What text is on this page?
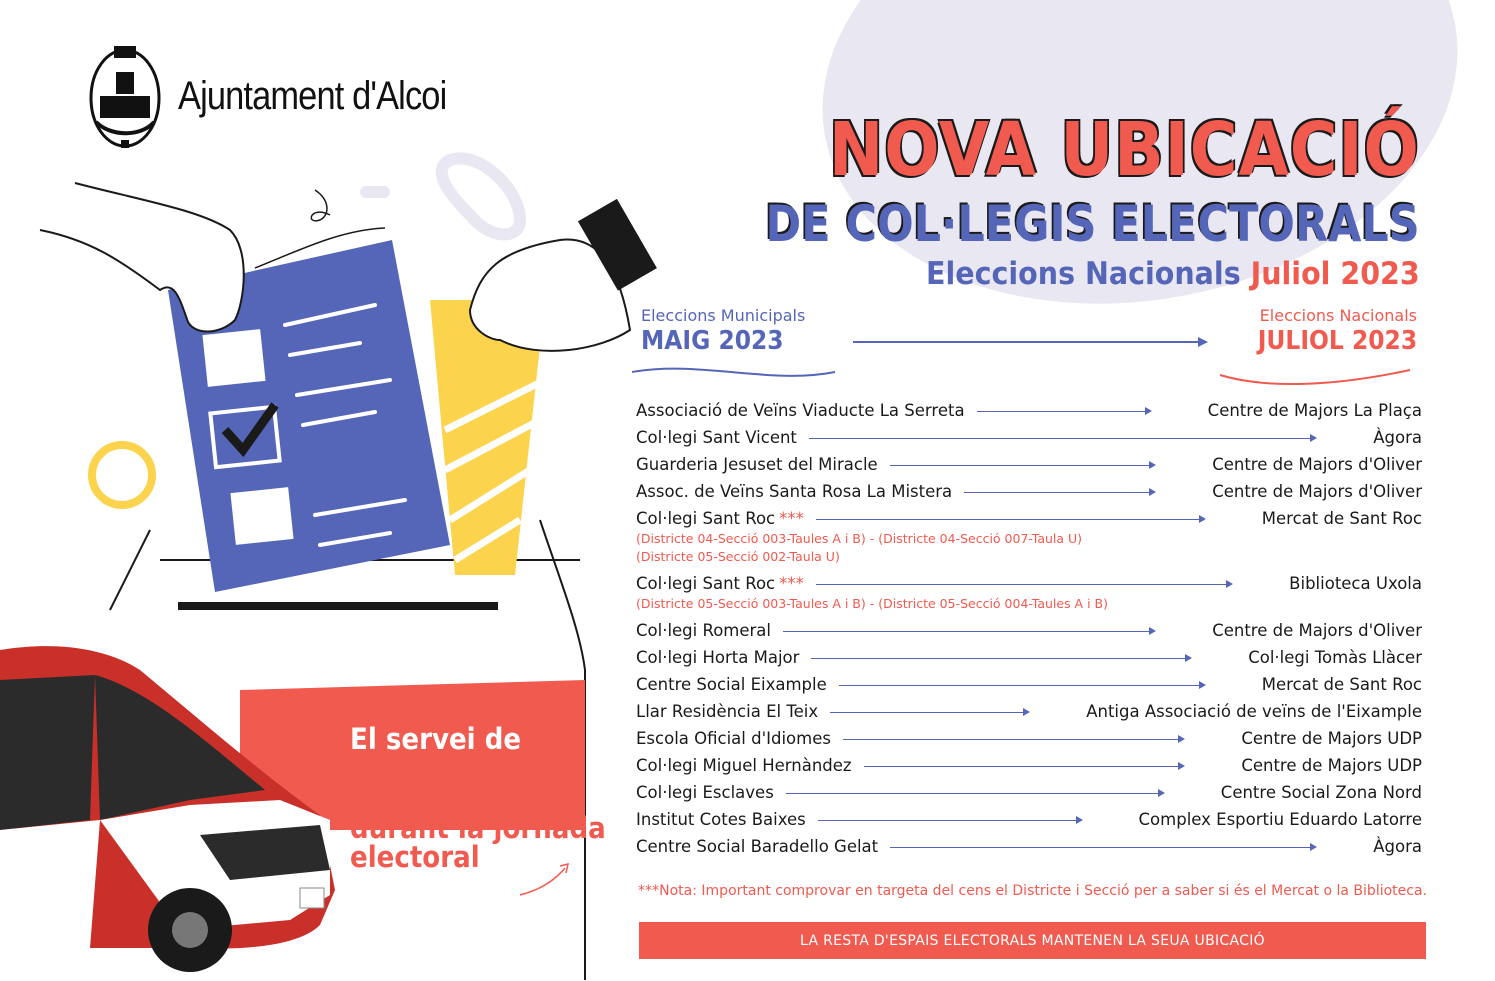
Ajuntament d'Alcoi
NOVA UBICACIÓ
DE COL·LEGIS ELECTORALS
Eleccions Nacionals Juliol 2023
Eleccions Municipals
MAIG 2023
Eleccions Nacionals
JULIOL 2023
Associació de Veïns Viaducte La Serreta	Centre de Majors La Plaça
Col·legi Sant Vicent	Àgora
Guarderia Jesuset del Miracle	Centre de Majors d'Oliver
Assoc. de Veïns Santa Rosa La Mistera	Centre de Majors d'Oliver
Col·legi Sant Roc ***	Mercat de Sant Roc
(Districte 04-Secció 003-Taules A i B) - (Districte 04-Secció 007-Taula U)
(Districte 05-Secció 002-Taula U)
Col·legi Sant Roc ***	Biblioteca Uxola
(Districte 05-Secció 003-Taules A i B) - (Districte 05-Secció 004-Taules A i B)
Col·legi Romeral	Centre de Majors d'Oliver
Col·legi Horta Major	Col·legi Tomàs Llàcer
Centre Social Eixample	Mercat de Sant Roc
Llar Residència El Teix	Antiga Associació de veïns de l'Eixample
Escola Oficial d'Idiomes	Centre de Majors UDP
Col·legi Miguel Hernàndez	Centre de Majors UDP
Col·legi Esclaves	Centre Social Zona Nord
Institut Cotes Baixes	Complex Esportiu Eduardo Latorre
Centre Social Baradello Gelat	Àgora
***Nota: Important comprovar en targeta del cens el Districte i Secció per a saber si és el Mercat o la Biblioteca.
LA RESTA D'ESPAIS ELECTORALS MANTENEN LA SEUA UBICACIÓ
El servei de
transport urbà
serà gratuït
durant la jornada
electoral
